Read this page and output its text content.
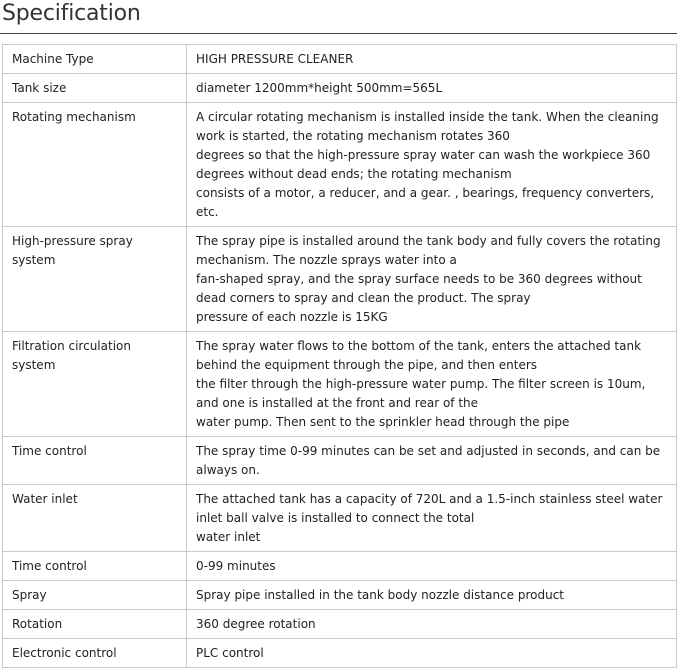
Specification
Machine Type	HIGH PRESSURE CLEANER
Tank size	diameter 1200mm*height 500mm=565L
Rotating mechanism	A circular rotating mechanism is installed inside the tank. When the cleaning work is started, the rotating mechanism rotates 360
degrees so that the high-pressure spray water can wash the workpiece 360 degrees without dead ends; the rotating mechanism
consists of a motor, a reducer, and a gear. , bearings, frequency converters, etc.
High-pressure spray system	The spray pipe is installed around the tank body and fully covers the rotating mechanism. The nozzle sprays water into a
fan-shaped spray, and the spray surface needs to be 360 degrees without dead corners to spray and clean the product. The spray
pressure of each nozzle is 15KG
Filtration circulation system	The spray water flows to the bottom of the tank, enters the attached tank behind the equipment through the pipe, and then enters
the filter through the high-pressure water pump. The filter screen is 10um, and one is installed at the front and rear of the
water pump. Then sent to the sprinkler head through the pipe
Time control	The spray time 0-99 minutes can be set and adjusted in seconds, and can be always on.
Water inlet	The attached tank has a capacity of 720L and a 1.5-inch stainless steel water inlet ball valve is installed to connect the total
water inlet
Time control	0-99 minutes
Spray	Spray pipe installed in the tank body nozzle distance product
Rotation	360 degree rotation
Electronic control	PLC control
